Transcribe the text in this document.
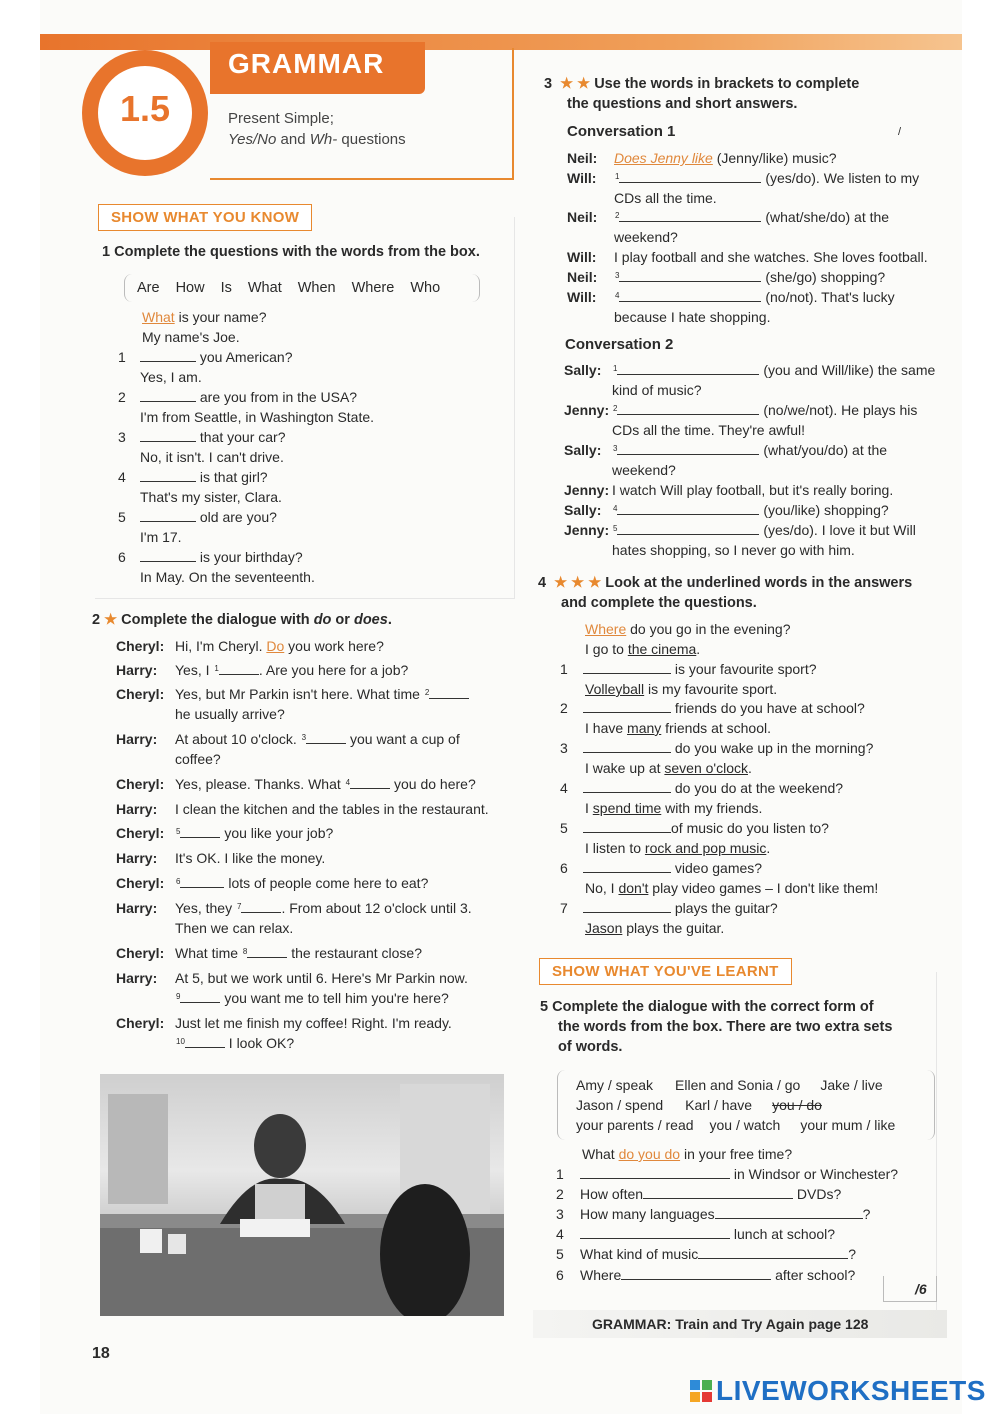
GRAMMAR
1.5	Present Simple;
Yes/No and Wh- questions
SHOW WHAT YOU KNOW
1 Complete the questions with the words from the box.
Are How Is What When Where Who
What is your name?
My name's Joe.
1	you American?
Yes, I am.
2	are you from in the USA?
I'm from Seattle, in Washington State.
3	that your car?
No, it isn't. I can't drive.
4	is that girl?
That's my sister, Clara.
5	old are you?
I'm 17.
6	is your birthday?
In May. On the seventeenth.
2 ★ Complete the dialogue with do or does.
Cheryl: Hi, I'm Cheryl. Do you work here?
Harry: Yes, I $^1$	. Are you here for a job?
Cheryl: Yes, but Mr Parkin isn't here. What time $^2$
he usually arrive?
Harry: At about 10 o'clock. $^3$	you want a cup of
coffee?
Cheryl: Yes, please. Thanks. What $^4$	you do here?
Harry: I clean the kitchen and the tables in the restaurant.
Cheryl: $^5$	you like your job?
Harry: It's OK. I like the money.
Cheryl: $^6$	lots of people come here to eat?
Harry: Yes, they $^7$	. From about 12 o'clock until 3.
Then we can relax.
Cheryl: What time $^8$	the restaurant close?
Harry: At 5, but we work until 6. Here's Mr Parkin now.
$^9$	you want me to tell him you're here?
Cheryl: Just let me finish my coffee! Right. I'm ready.
$^{10}$	I look OK?
3 ★ ★ Use the words in brackets to complete
the questions and short answers.
Conversation 1	/
Neil: Does Jenny like (Jenny/like) music?
Will: $^1$	(yes/do). We listen to my
CDs all the time.
Neil: $^2$	(what/she/do) at the
weekend?
Will: I play football and she watches. She loves football.
Neil: $^3$	(she/go) shopping?
Will: $^4$	(no/not). That's lucky
because I hate shopping.
Conversation 2
Sally: $^1$	(you and Will/like) the same
kind of music?
Jenny: $^2$	(no/we/not). He plays his
CDs all the time. They're awful!
Sally: $^3$	(what/you/do) at the
weekend?
Jenny: I watch Will play football, but it's really boring.
Sally: $^4$	(you/like) shopping?
Jenny: $^5$	(yes/do). I love it but Will
hates shopping, so I never go with him.
4 ★ ★ ★ Look at the underlined words in the answers
and complete the questions.
Where do you go in the evening?
I go to the cinema.
1	is your favourite sport?
Volleyball is my favourite sport.
2	friends do you have at school?
I have many friends at school.
3	do you wake up in the morning?
I wake up at seven o'clock.
4	do you do at the weekend?
I spend time with my friends.
5	of music do you listen to?
I listen to rock and pop music.
6	video games?
No, I don't play video games – I don't like them!
7	plays the guitar?
Jason plays the guitar.
SHOW WHAT YOU'VE LEARNT
5 Complete the dialogue with the correct form of
the words from the box. There are two extra sets
of words.
Amy / speak Ellen and Sonia / go Jake / live
Jason / spend Karl / have you / do
your parents / read you / watch your mum / like
What do you do in your free time?
1	in Windsor or Winchester?
2 How often	DVDs?
3 How many languages	?
4	lunch at school?
5 What kind of music	?
6 Where	after school?
/6
GRAMMAR: Train and Try Again page 128
18
LIVEWORKSHEETS
